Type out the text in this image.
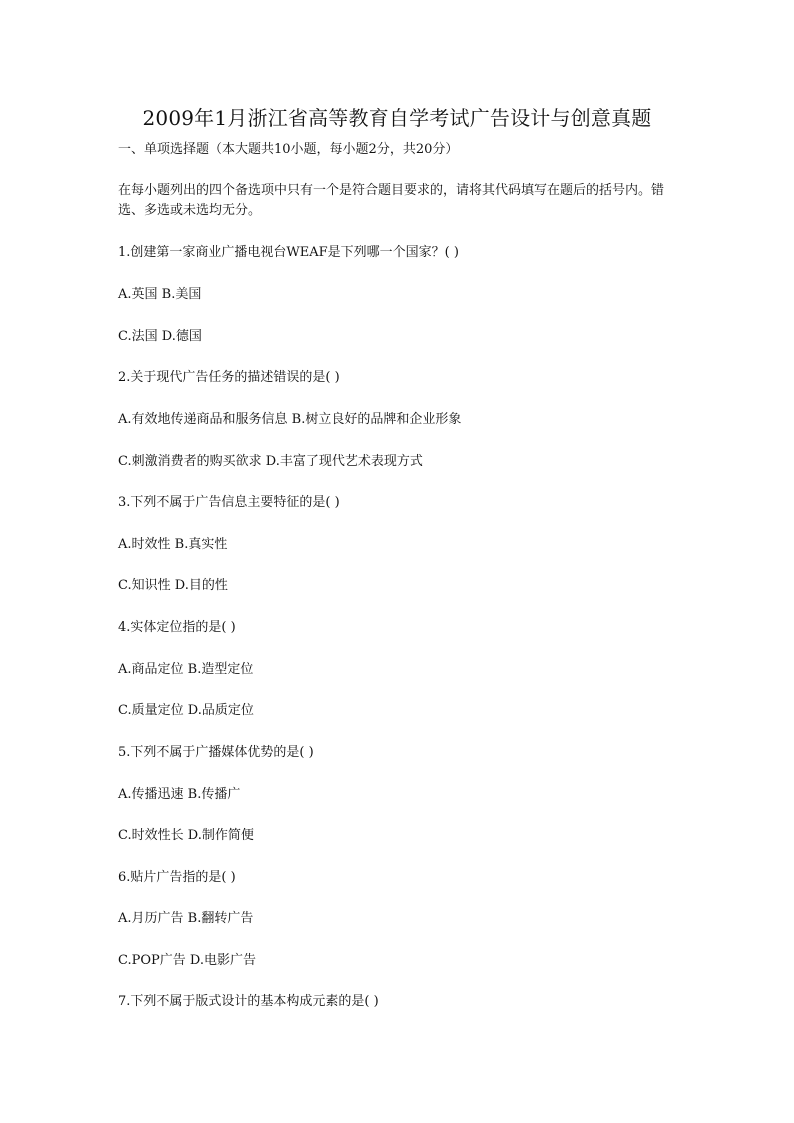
2009年1月浙江省高等教育自学考试广告设计与创意真题
一、单项选择题（本大题共10小题，每小题2分，共20分）
在每小题列出的四个备选项中只有一个是符合题目要求的，请将其代码填写在题后的括号内。错选、多选或未选均无分。
1.创建第一家商业广播电视台WEAF是下列哪一个国家？( )
A.英国 B.美国
C.法国 D.德国
2.关于现代广告任务的描述错误的是( )
A.有效地传递商品和服务信息 B.树立良好的品牌和企业形象
C.刺激消费者的购买欲求 D.丰富了现代艺术表现方式
3.下列不属于广告信息主要特征的是( )
A.时效性 B.真实性
C.知识性 D.目的性
4.实体定位指的是( )
A.商品定位 B.造型定位
C.质量定位 D.品质定位
5.下列不属于广播媒体优势的是( )
A.传播迅速 B.传播广
C.时效性长 D.制作简便
6.贴片广告指的是( )
A.月历广告 B.翻转广告
C.POP广告 D.电影广告
7.下列不属于版式设计的基本构成元素的是( )
